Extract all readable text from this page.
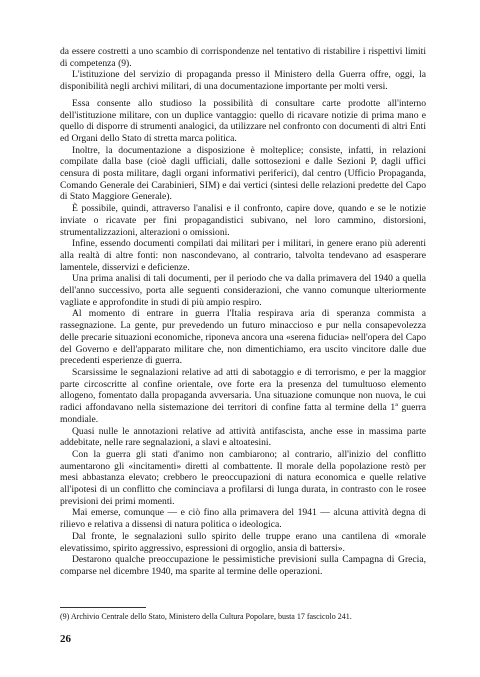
da essere costretti a uno scambio di corrispondenze nel tentativo di ristabilire i rispettivi limiti di competenza (9).

L'istituzione del servizio di propaganda presso il Ministero della Guerra offre, oggi, la disponibilità negli archivi militari, di una documentazione importante per molti versi.

Essa consente allo studioso la possibilità di consultare carte prodotte all'interno dell'istituzione militare, con un duplice vantaggio: quello di ricavare notizie di prima mano e quello di disporre di strumenti analogici, da utilizzare nel confronto con documenti di altri Enti ed Organi dello Stato di stretta marca politica.

Inoltre, la documentazione a disposizione è molteplice; consiste, infatti, in relazioni compilate dalla base (cioè dagli ufficiali, dalle sottosezioni e dalle Sezioni P, dagli uffici censura di posta militare, dagli organi informativi periferici), dal centro (Ufficio Propaganda, Comando Generale dei Carabinieri, SIM) e dai vertici (sintesi delle relazioni predette del Capo di Stato Maggiore Generale).

È possibile, quindi, attraverso l'analisi e il confronto, capire dove, quando e se le notizie inviate o ricavate per fini propagandistici subivano, nel loro cammino, distorsioni, strumentalizzazioni, alterazioni o omissioni.

Infine, essendo documenti compilati dai militari per i militari, in genere erano più aderenti alla realtà di altre fonti: non nascondevano, al contrario, talvolta tendevano ad esasperare lamentele, disservizi e deficienze.

Una prima analisi di tali documenti, per il periodo che va dalla primavera del 1940 a quella dell'anno successivo, porta alle seguenti considerazioni, che vanno comunque ulteriormente vagliate e approfondite in studi di più ampio respiro.

Al momento di entrare in guerra l'Italia respirava aria di speranza commista a rassegnazione. La gente, pur prevedendo un futuro minaccioso e pur nella consapevolezza delle precarie situazioni economiche, riponeva ancora una «serena fiducia» nell'opera del Capo del Governo e dell'apparato militare che, non dimentichiamo, era uscito vincitore dalle due precedenti esperienze di guerra.

Scarsissime le segnalazioni relative ad atti di sabotaggio e di terrorismo, e per la maggior parte circoscritte al confine orientale, ove forte era la presenza del tumultuoso elemento allogeno, fomentato dalla propaganda avversaria. Una situazione comunque non nuova, le cui radici affondavano nella sistemazione dei territori di confine fatta al termine della 1ª guerra mondiale.

Quasi nulle le annotazioni relative ad attività antifascista, anche esse in massima parte addebitate, nelle rare segnalazioni, a slavi e altoatesini.

Con la guerra gli stati d'animo non cambiarono; al contrario, all'inizio del conflitto aumentarono gli «incitamenti» diretti al combattente. Il morale della popolazione restò per mesi abbastanza elevato; crebbero le preoccupazioni di natura economica e quelle relative all'ipotesi di un conflitto che cominciava a profilarsi di lunga durata, in contrasto con le rosee previsioni dei primi momenti.

Mai emerse, comunque — e ciò fino alla primavera del 1941 — alcuna attività degna di rilievo e relativa a dissensi di natura politica o ideologica.

Dal fronte, le segnalazioni sullo spirito delle truppe erano una cantilena di «morale elevatissimo, spirito aggressivo, espressioni di orgoglio, ansia di battersi».

Destarono qualche preoccupazione le pessimistiche previsioni sulla Campagna di Grecia, comparse nel dicembre 1940, ma sparite al termine delle operazioni.

(9) Archivio Centrale dello Stato, Ministero della Cultura Popolare, busta 17 fascicolo 241.
26
